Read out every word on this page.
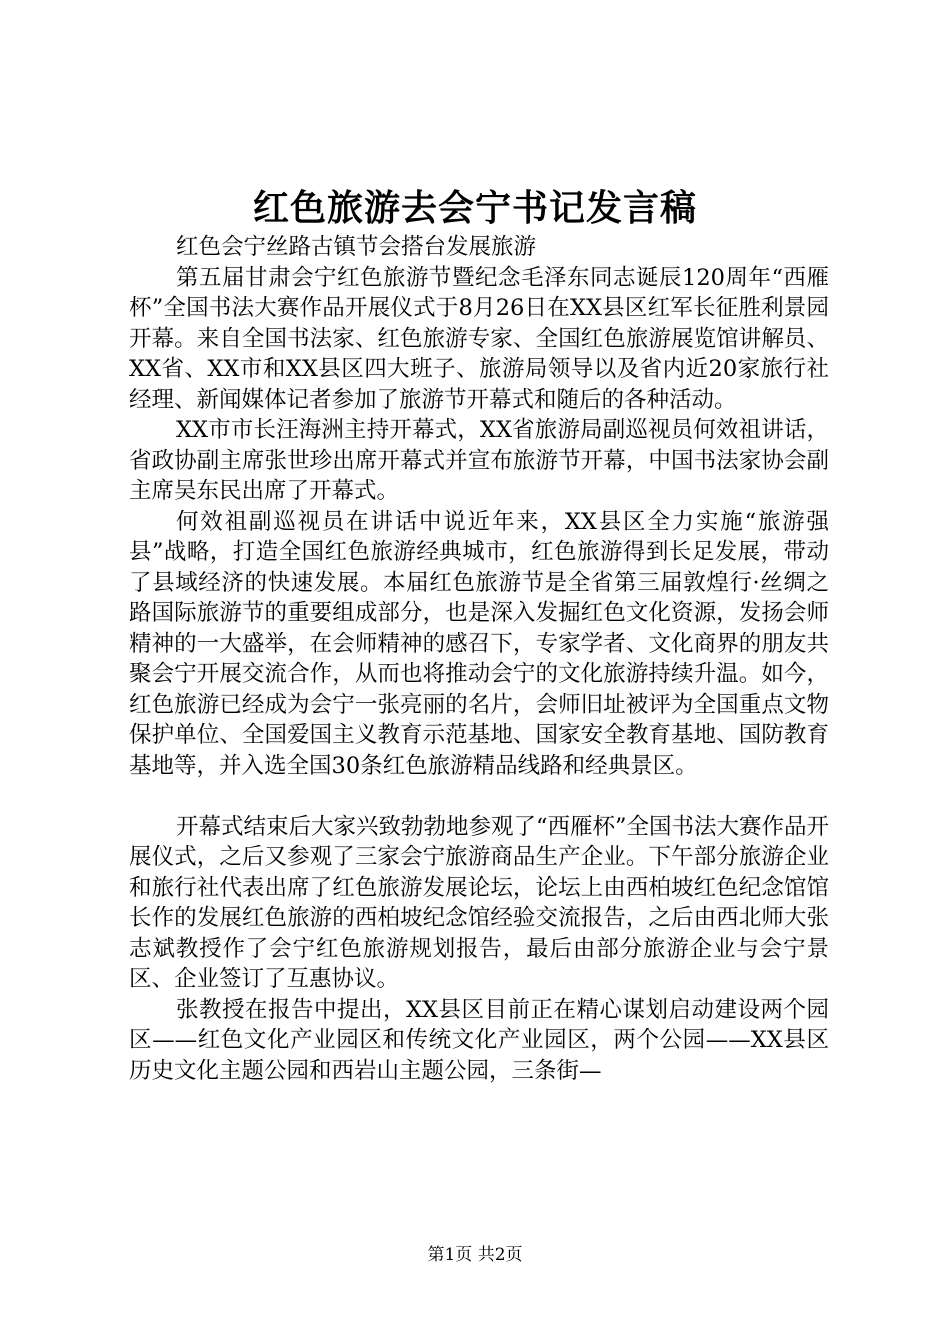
红色旅游去会宁书记发言稿

红色会宁丝路古镇节会搭台发展旅游

第五届甘肃会宁红色旅游节暨纪念毛泽东同志诞辰120周年“西雁杯”全国书法大赛作品开展仪式于8月26日在XX县区红军长征胜利景园开幕。来自全国书法家、红色旅游专家、全国红色旅游展览馆讲解员、XX省、XX市和XX县区四大班子、旅游局领导以及省内近20家旅行社经理、新闻媒体记者参加了旅游节开幕式和随后的各种活动。

XX市市长汪海洲主持开幕式，XX省旅游局副巡视员何效祖讲话，省政协副主席张世珍出席开幕式并宣布旅游节开幕，中国书法家协会副主席吴东民出席了开幕式。

何效祖副巡视员在讲话中说近年来，XX县区全力实施“旅游强县”战略，打造全国红色旅游经典城市，红色旅游得到长足发展，带动了县域经济的快速发展。本届红色旅游节是全省第三届敦煌行·丝绸之路国际旅游节的重要组成部分，也是深入发掘红色文化资源，发扬会师精神的一大盛举，在会师精神的感召下，专家学者、文化商界的朋友共聚会宁开展交流合作，从而也将推动会宁的文化旅游持续升温。如今，红色旅游已经成为会宁一张亮丽的名片，会师旧址被评为全国重点文物保护单位、全国爱国主义教育示范基地、国家安全教育基地、国防教育基地等，并入选全国30条红色旅游精品线路和经典景区。

开幕式结束后大家兴致勃勃地参观了“西雁杯”全国书法大赛作品开展仪式，之后又参观了三家会宁旅游商品生产企业。下午部分旅游企业和旅行社代表出席了红色旅游发展论坛，论坛上由西柏坡红色纪念馆馆长作的发展红色旅游的西柏坡纪念馆经验交流报告，之后由西北师大张志斌教授作了会宁红色旅游规划报告，最后由部分旅游企业与会宁景区、企业签订了互惠协议。

张教授在报告中提出，XX县区目前正在精心谋划启动建设两个园区——红色文化产业园区和传统文化产业园区，两个公园——XX县区历史文化主题公园和西岩山主题公园，三条街—

第1页 共2页
